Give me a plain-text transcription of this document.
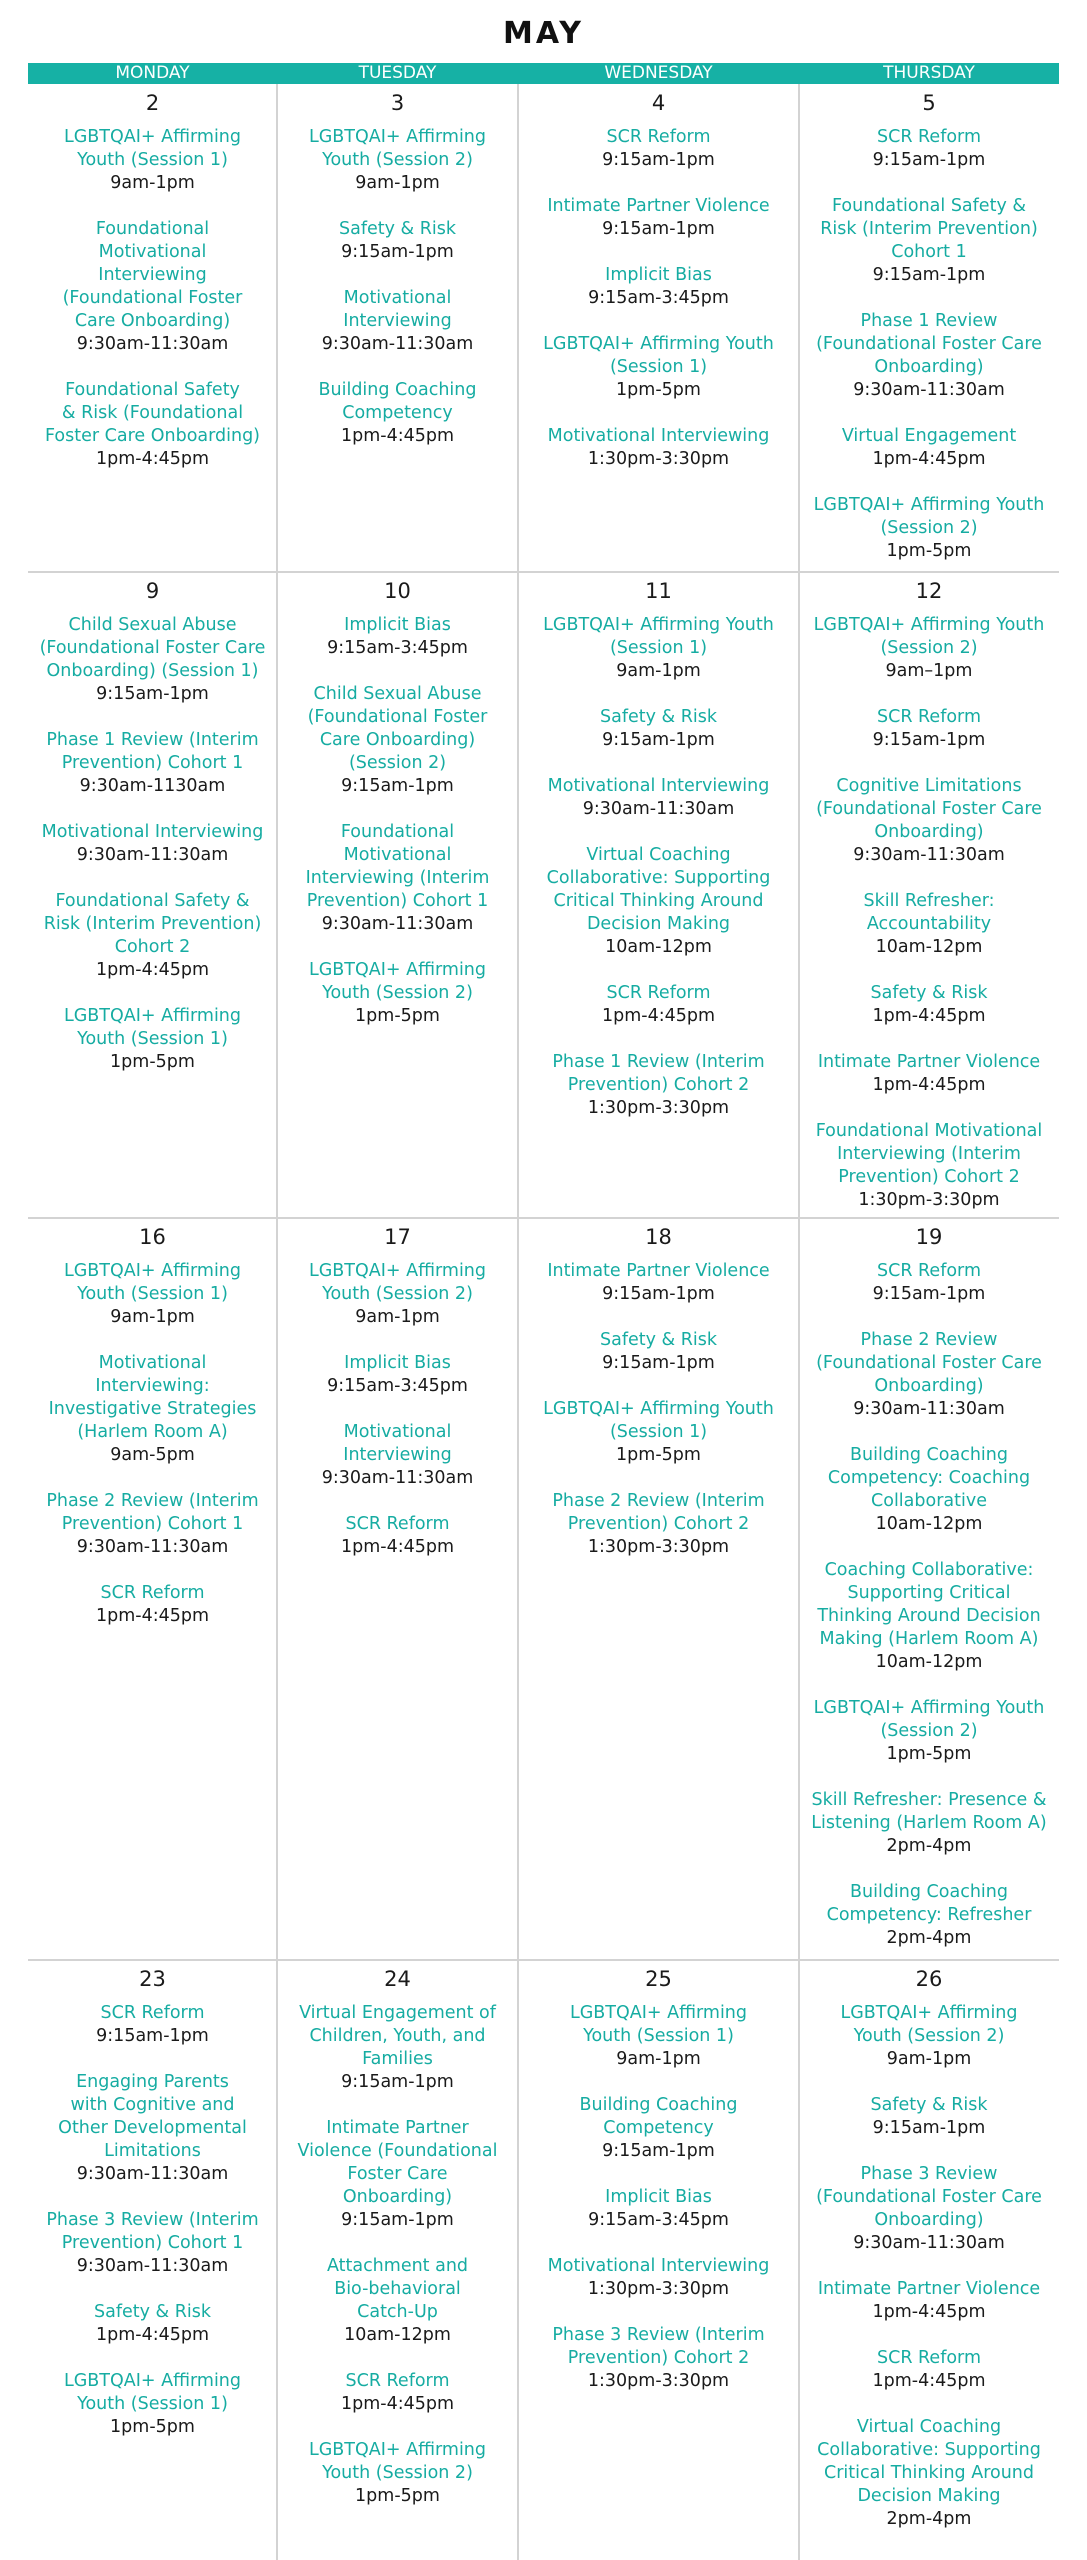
MAY
MONDAY	TUESDAY	WEDNESDAY	THURSDAY
2
LGBTQAI+ Affirming
Youth (Session 1)
9am-1pm
Foundational
Motivational
Interviewing
(Foundational Foster
Care Onboarding)
9:30am-11:30am
Foundational Safety
& Risk (Foundational
Foster Care Onboarding)
1pm-4:45pm
3
LGBTQAI+ Affirming
Youth (Session 2)
9am-1pm
Safety & Risk
9:15am-1pm
Motivational
Interviewing
9:30am-11:30am
Building Coaching
Competency
1pm-4:45pm
4
SCR Reform
9:15am-1pm
Intimate Partner Violence
9:15am-1pm
Implicit Bias
9:15am-3:45pm
LGBTQAI+ Affirming Youth
(Session 1)
1pm-5pm
Motivational Interviewing
1:30pm-3:30pm
5
SCR Reform
9:15am-1pm
Foundational Safety &
Risk (Interim Prevention)
Cohort 1
9:15am-1pm
Phase 1 Review
(Foundational Foster Care
Onboarding)
9:30am-11:30am
Virtual Engagement
1pm-4:45pm
LGBTQAI+ Affirming Youth
(Session 2)
1pm-5pm
9
Child Sexual Abuse
(Foundational Foster Care
Onboarding) (Session 1)
9:15am-1pm
Phase 1 Review (Interim
Prevention) Cohort 1
9:30am-1130am
Motivational Interviewing
9:30am-11:30am
Foundational Safety &
Risk (Interim Prevention)
Cohort 2
1pm-4:45pm
LGBTQAI+ Affirming
Youth (Session 1)
1pm-5pm
10
Implicit Bias
9:15am-3:45pm
Child Sexual Abuse
(Foundational Foster
Care Onboarding)
(Session 2)
9:15am-1pm
Foundational
Motivational
Interviewing (Interim
Prevention) Cohort 1
9:30am-11:30am
LGBTQAI+ Affirming
Youth (Session 2)
1pm-5pm
11
LGBTQAI+ Affirming Youth
(Session 1)
9am-1pm
Safety & Risk
9:15am-1pm
Motivational Interviewing
9:30am-11:30am
Virtual Coaching
Collaborative: Supporting
Critical Thinking Around
Decision Making
10am-12pm
SCR Reform
1pm-4:45pm
Phase 1 Review (Interim
Prevention) Cohort 2
1:30pm-3:30pm
12
LGBTQAI+ Affirming Youth
(Session 2)
9am–1pm
SCR Reform
9:15am-1pm
Cognitive Limitations
(Foundational Foster Care
Onboarding)
9:30am-11:30am
Skill Refresher:
Accountability
10am-12pm
Safety & Risk
1pm-4:45pm
Intimate Partner Violence
1pm-4:45pm
Foundational Motivational
Interviewing (Interim
Prevention) Cohort 2
1:30pm-3:30pm
16
LGBTQAI+ Affirming
Youth (Session 1)
9am-1pm
Motivational
Interviewing:
Investigative Strategies
(Harlem Room A)
9am-5pm
Phase 2 Review (Interim
Prevention) Cohort 1
9:30am-11:30am
SCR Reform
1pm-4:45pm
17
LGBTQAI+ Affirming
Youth (Session 2)
9am-1pm
Implicit Bias
9:15am-3:45pm
Motivational
Interviewing
9:30am-11:30am
SCR Reform
1pm-4:45pm
18
Intimate Partner Violence
9:15am-1pm
Safety & Risk
9:15am-1pm
LGBTQAI+ Affirming Youth
(Session 1)
1pm-5pm
Phase 2 Review (Interim
Prevention) Cohort 2
1:30pm-3:30pm
19
SCR Reform
9:15am-1pm
Phase 2 Review
(Foundational Foster Care
Onboarding)
9:30am-11:30am
Building Coaching
Competency: Coaching
Collaborative
10am-12pm
Coaching Collaborative:
Supporting Critical
Thinking Around Decision
Making (Harlem Room A)
10am-12pm
LGBTQAI+ Affirming Youth
(Session 2)
1pm-5pm
Skill Refresher: Presence &
Listening (Harlem Room A)
2pm-4pm
Building Coaching
Competency: Refresher
2pm-4pm
23
SCR Reform
9:15am-1pm
Engaging Parents
with Cognitive and
Other Developmental
Limitations
9:30am-11:30am
Phase 3 Review (Interim
Prevention) Cohort 1
9:30am-11:30am
Safety & Risk
1pm-4:45pm
LGBTQAI+ Affirming
Youth (Session 1)
1pm-5pm
24
Virtual Engagement of
Children, Youth, and
Families
9:15am-1pm
Intimate Partner
Violence (Foundational
Foster Care
Onboarding)
9:15am-1pm
Attachment and
Bio-behavioral
Catch-Up
10am-12pm
SCR Reform
1pm-4:45pm
LGBTQAI+ Affirming
Youth (Session 2)
1pm-5pm
25
LGBTQAI+ Affirming
Youth (Session 1)
9am-1pm
Building Coaching
Competency
9:15am-1pm
Implicit Bias
9:15am-3:45pm
Motivational Interviewing
1:30pm-3:30pm
Phase 3 Review (Interim
Prevention) Cohort 2
1:30pm-3:30pm
26
LGBTQAI+ Affirming
Youth (Session 2)
9am-1pm
Safety & Risk
9:15am-1pm
Phase 3 Review
(Foundational Foster Care
Onboarding)
9:30am-11:30am
Intimate Partner Violence
1pm-4:45pm
SCR Reform
1pm-4:45pm
Virtual Coaching
Collaborative: Supporting
Critical Thinking Around
Decision Making
2pm-4pm
